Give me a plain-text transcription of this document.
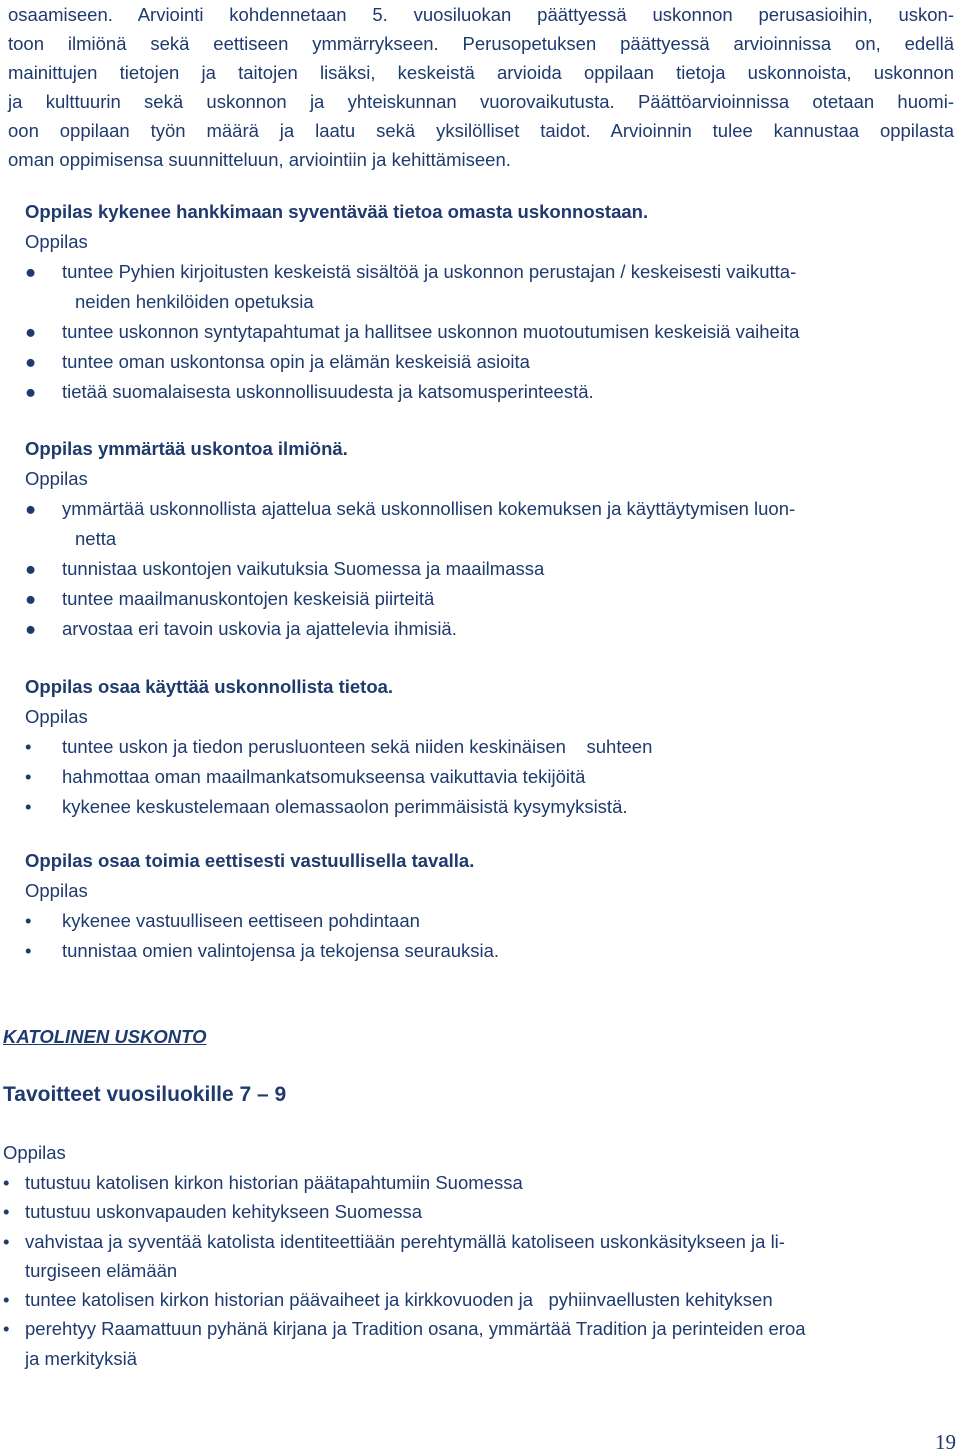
osaamiseen. Arviointi kohdennetaan 5. vuosiluokan päättyessä uskonnon perusasioihin, uskon-
toon ilmiönä sekä eettiseen ymmärrykseen. Perusopetuksen päättyessä arvioinnissa on, edellä
mainittujen tietojen ja taitojen lisäksi, keskeistä arvioida oppilaan tietoja uskonnoista, uskonnon
ja kulttuurin sekä uskonnon ja yhteiskunnan vuorovaikutusta. Päättöarvioinnissa otetaan huomi-
oon oppilaan työn määrä ja laatu sekä yksilölliset taidot. Arvioinnin tulee kannustaa oppilasta
oman oppimisensa suunnitteluun, arviointiin ja kehittämiseen.
Oppilas kykenee hankkimaan syventävää tietoa omasta uskonnostaan.
Oppilas
●	tuntee Pyhien kirjoitusten keskeistä sisältöä ja uskonnon perustajan / keskeisesti vaikutta-
neiden henkilöiden opetuksia
●	tuntee uskonnon syntytapahtumat ja hallitsee uskonnon muotoutumisen keskeisiä vaiheita
●	tuntee oman uskontonsa opin ja elämän keskeisiä asioita
●	tietää suomalaisesta uskonnollisuudesta ja katsomusperinteestä.
Oppilas ymmärtää uskontoa ilmiönä.
Oppilas
●	ymmärtää uskonnollista ajattelua sekä uskonnollisen kokemuksen ja käyttäytymisen luon-
netta
●	tunnistaa uskontojen vaikutuksia Suomessa ja maailmassa
●	tuntee maailmanuskontojen keskeisiä piirteitä
●	arvostaa eri tavoin uskovia ja ajattelevia ihmisiä.
Oppilas osaa käyttää uskonnollista tietoa.
Oppilas
•	tuntee uskon ja tiedon perusluonteen sekä niiden keskinäisen    suhteen
•	hahmottaa oman maailmankatsomukseensa vaikuttavia tekijöitä
•	kykenee keskustelemaan olemassaolon perimmäisistä kysymyksistä.
Oppilas osaa toimia eettisesti vastuullisella tavalla.
Oppilas
•	kykenee vastuulliseen eettiseen pohdintaan
•	tunnistaa omien valintojensa ja tekojensa seurauksia.
KATOLINEN USKONTO
Tavoitteet vuosiluokille 7 – 9
Oppilas
• tutustuu katolisen kirkon historian päätapahtumiin Suomessa
• tutustuu uskonvapauden kehitykseen Suomessa
• vahvistaa ja syventää katolista identiteettiään perehtymällä katoliseen uskonkäsitykseen ja li-
turgiseen elämään
• tuntee katolisen kirkon historian päävaiheet ja kirkkovuoden ja   pyhiinvaellusten kehityksen
• perehtyy Raamattuun pyhänä kirjana ja Tradition osana, ymmärtää Tradition ja perinteiden eroa
ja merkityksiä
19
